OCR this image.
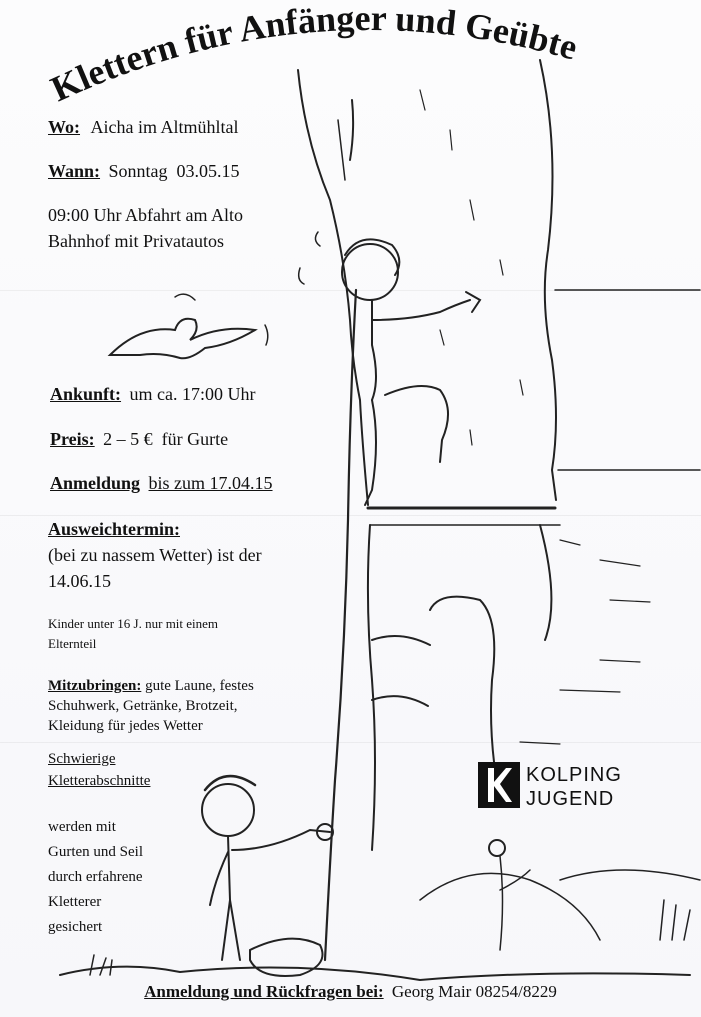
Klettern für Anfänger und Geübte
Wo: Aicha im Altmühltal
Wann: Sonntag  03.05.15
09:00 Uhr Abfahrt am Alto
Bahnhof mit Privatautos
Ankunft: um ca. 17:00 Uhr
Preis: 2 – 5 €  für Gurte
Anmeldung bis zum 17.04.15
Ausweichtermin:
(bei zu nassem Wetter) ist der
14.06.15
Kinder unter 16 J. nur mit einem
Elternteil
Mitzubringen: gute Laune, festes
Schuhwerk, Getränke, Brotzeit,
Kleidung für jedes Wetter
Schwierige
Kletterabschnitte
werden mit
Gurten und Seil
durch erfahrene
Kletterer
gesichert
KOLPING
JUGEND
Anmeldung und Rückfragen bei: Georg Mair 08254/8229
